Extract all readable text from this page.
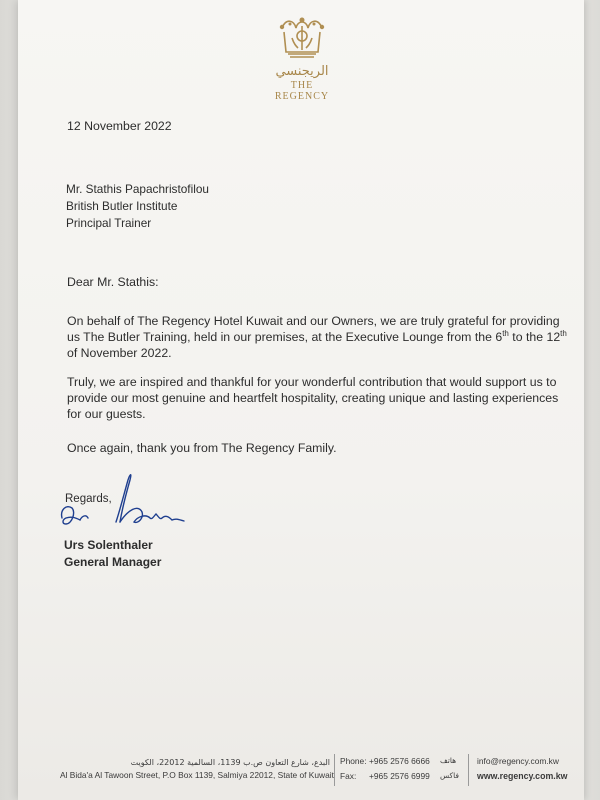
الريجنسي
THE REGENCY
12 November 2022
Mr. Stathis Papachristofilou
British Butler Institute
Principal Trainer
Dear Mr. Stathis:
On behalf of The Regency Hotel Kuwait and our Owners, we are truly grateful for providing us The Butler Training, held in our premises, at the Executive Lounge from the 6th to the 12th of November 2022.
Truly, we are inspired and thankful for your wonderful contribution that would support us to provide our most genuine and heartfelt hospitality, creating unique and lasting experiences for our guests.
Once again, thank you from The Regency Family.
Regards,
Urs Solenthaler
General Manager
البدع، شارع التعاون ص.ب 1139، السالمية 22012، الكويت
Al Bida'a Al Tawoon Street, P.O Box 1139, Salmiya 22012, State of Kuwait
Phone: +965 2576 6666 هاتف
Fax: +965 2576 6999 فاكس
info@regency.com.kw
www.regency.com.kw
